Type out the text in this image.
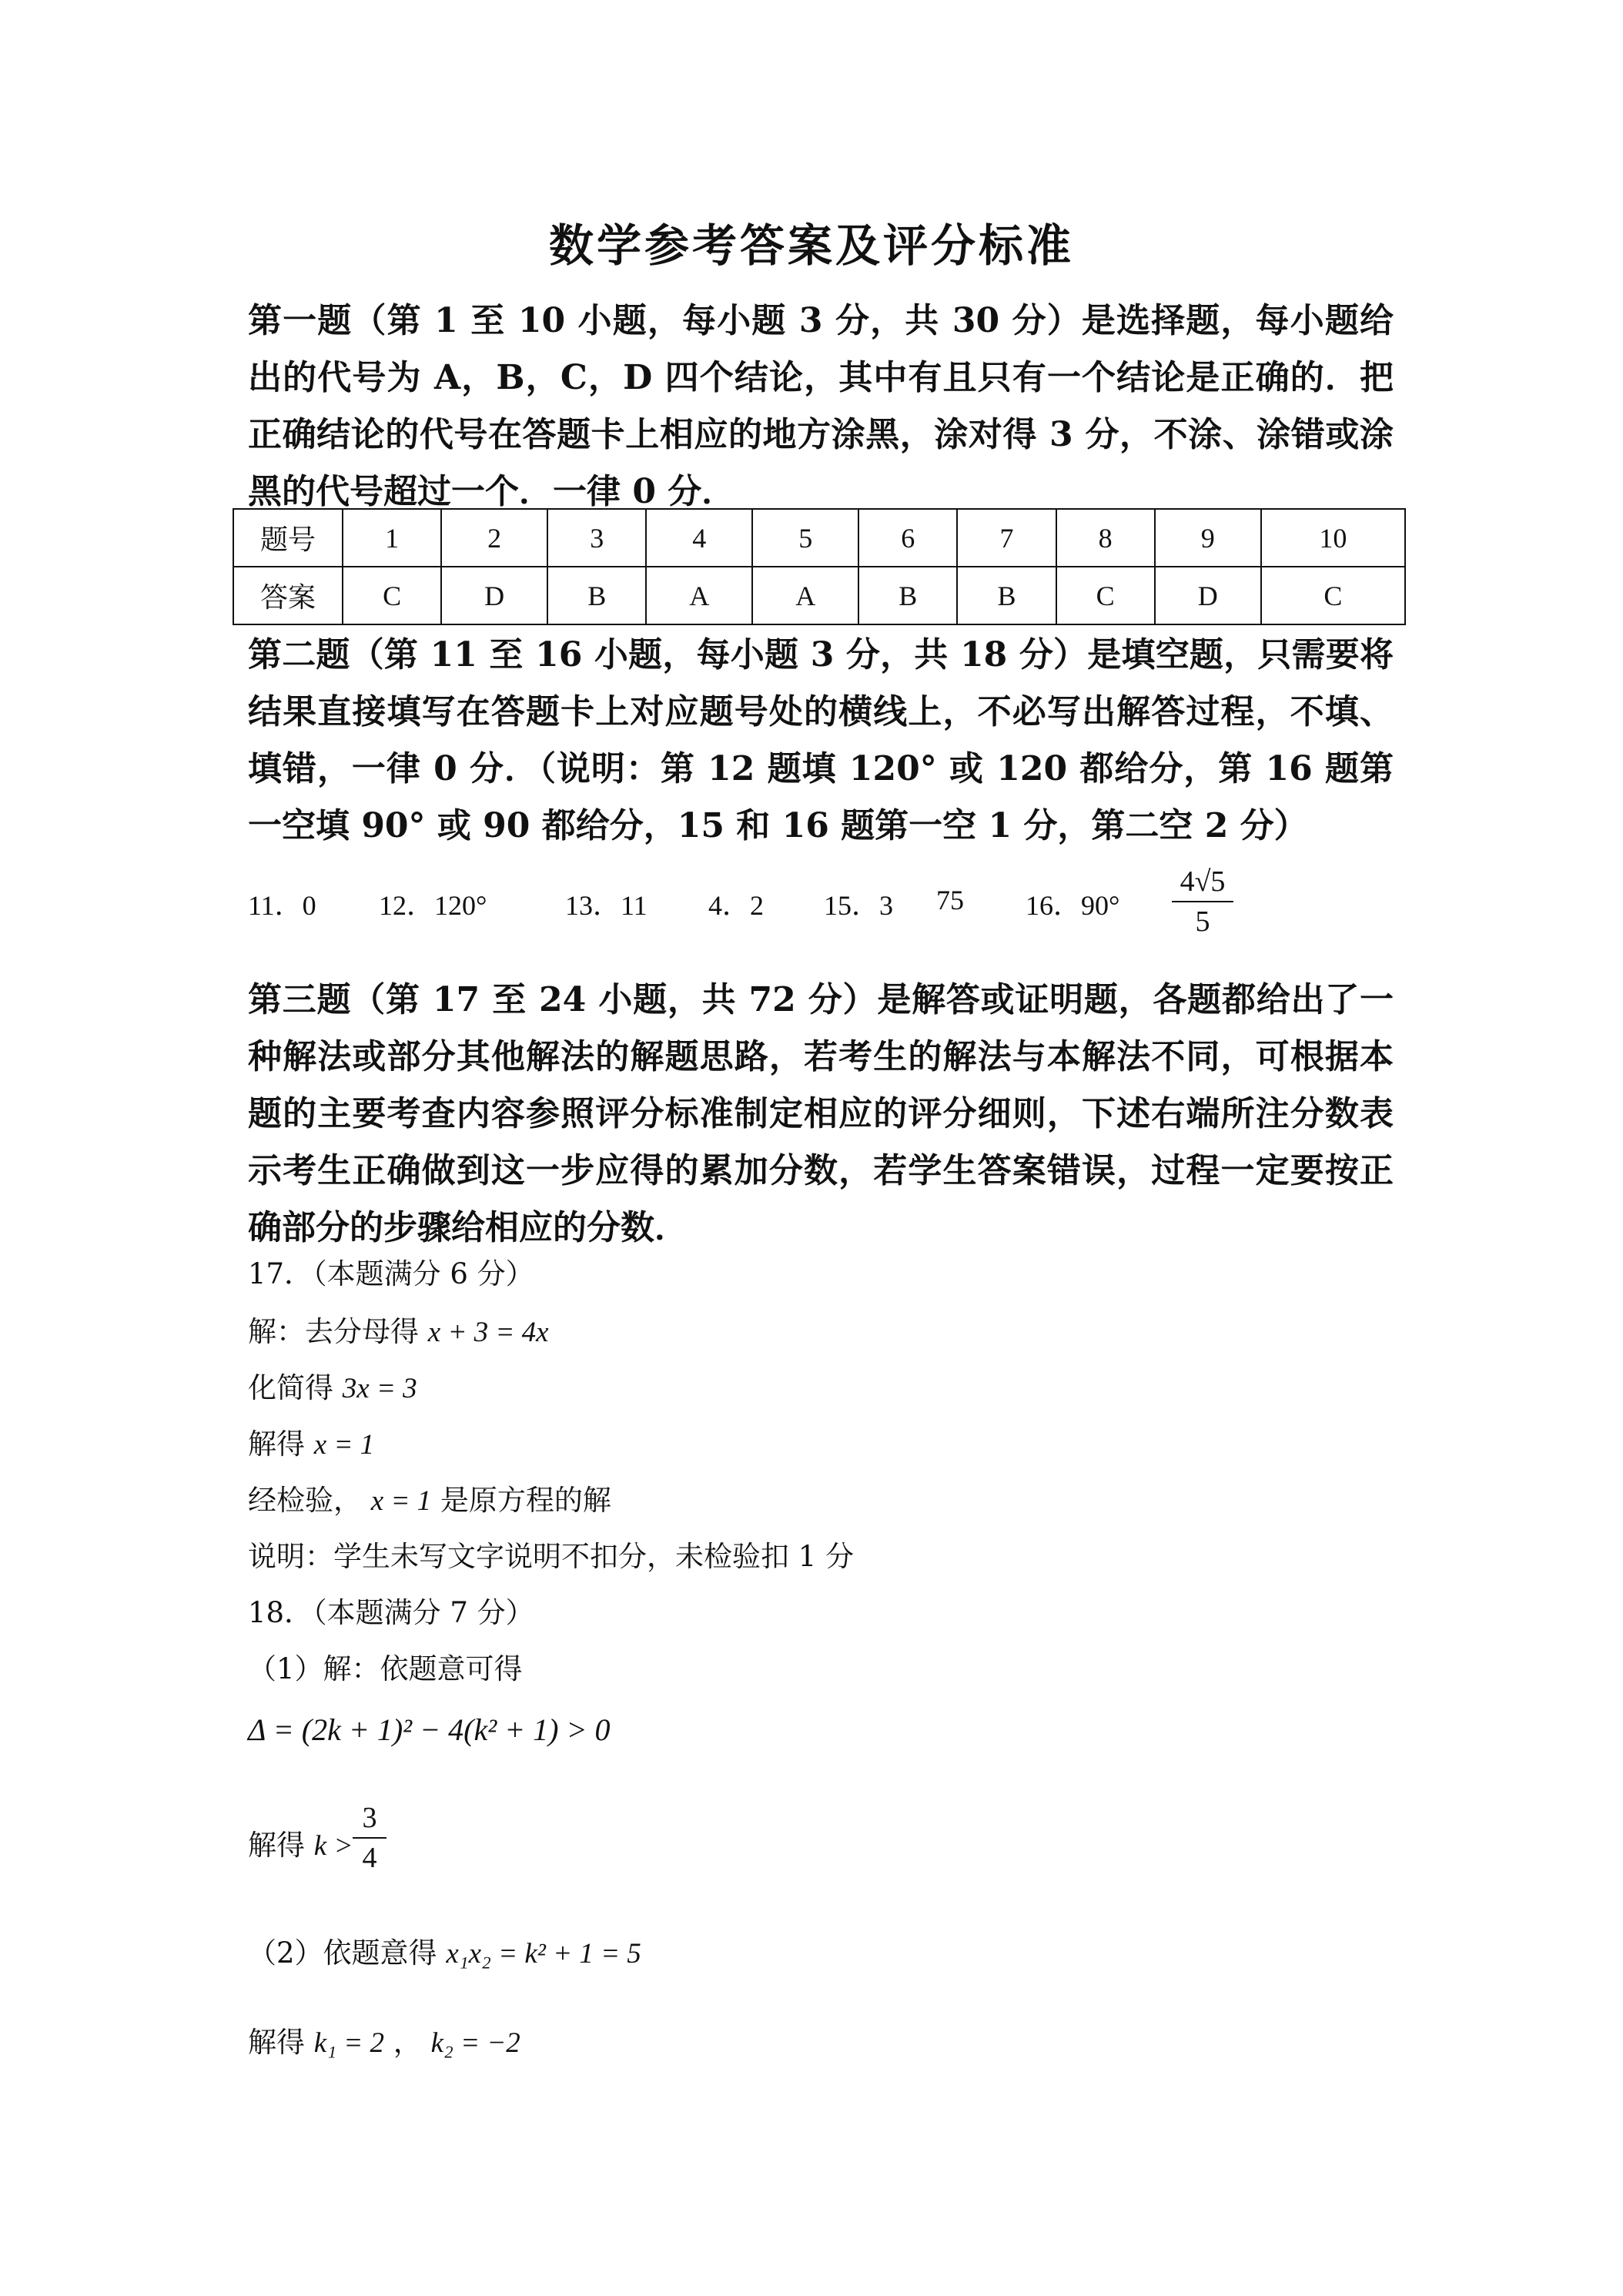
数学参考答案及评分标准
第一题（第 1 至 10 小题，每小题 3 分，共 30 分）是选择题，每小题给出的代号为 A，B，C，D 四个结论，其中有且只有一个结论是正确的．把正确结论的代号在答题卡上相应的地方涂黑，涂对得 3 分，不涂、涂错或涂黑的代号超过一个．一律 0 分．
题号	1	2	3	4	5	6	7	8	9	10
答案	C	D	B	A	A	B	B	C	D	C
第二题（第 11 至 16 小题，每小题 3 分，共 18 分）是填空题，只需要将结果直接填写在答题卡上对应题号处的横线上，不必写出解答过程，不填、填错，一律 0 分．（说明：第 12 题填 120° 或 120 都给分，第 16 题第一空填 90° 或 90 都给分，15 和 16 题第一空 1 分，第二空 2 分）
11．0 12．120°	13．11 4．2 15．3 75 16．90°
4√5
5
第三题（第 17 至 24 小题，共 72 分）是解答或证明题，各题都给出了一种解法或部分其他解法的解题思路，若考生的解法与本解法不同，可根据本题的主要考查内容参照评分标准制定相应的评分细则，下述右端所注分数表示考生正确做到这一步应得的累加分数，若学生答案错误，过程一定要按正确部分的步骤给相应的分数．
17．（本题满分 6 分）
解：去分母得 x + 3 = 4x
化简得 3x = 3
解得 x = 1
经检验， x = 1 是原方程的解
说明：学生未写文字说明不扣分，未检验扣 1 分
18．（本题满分 7 分）
（1）解：依题意可得
Δ = (2k + 1)² − 4(k² + 1) > 0
解得 k >
3
4
（2）依题意得 x₁x₂ = k² + 1 = 5
解得 k₁ = 2 ， k₂ = −2
